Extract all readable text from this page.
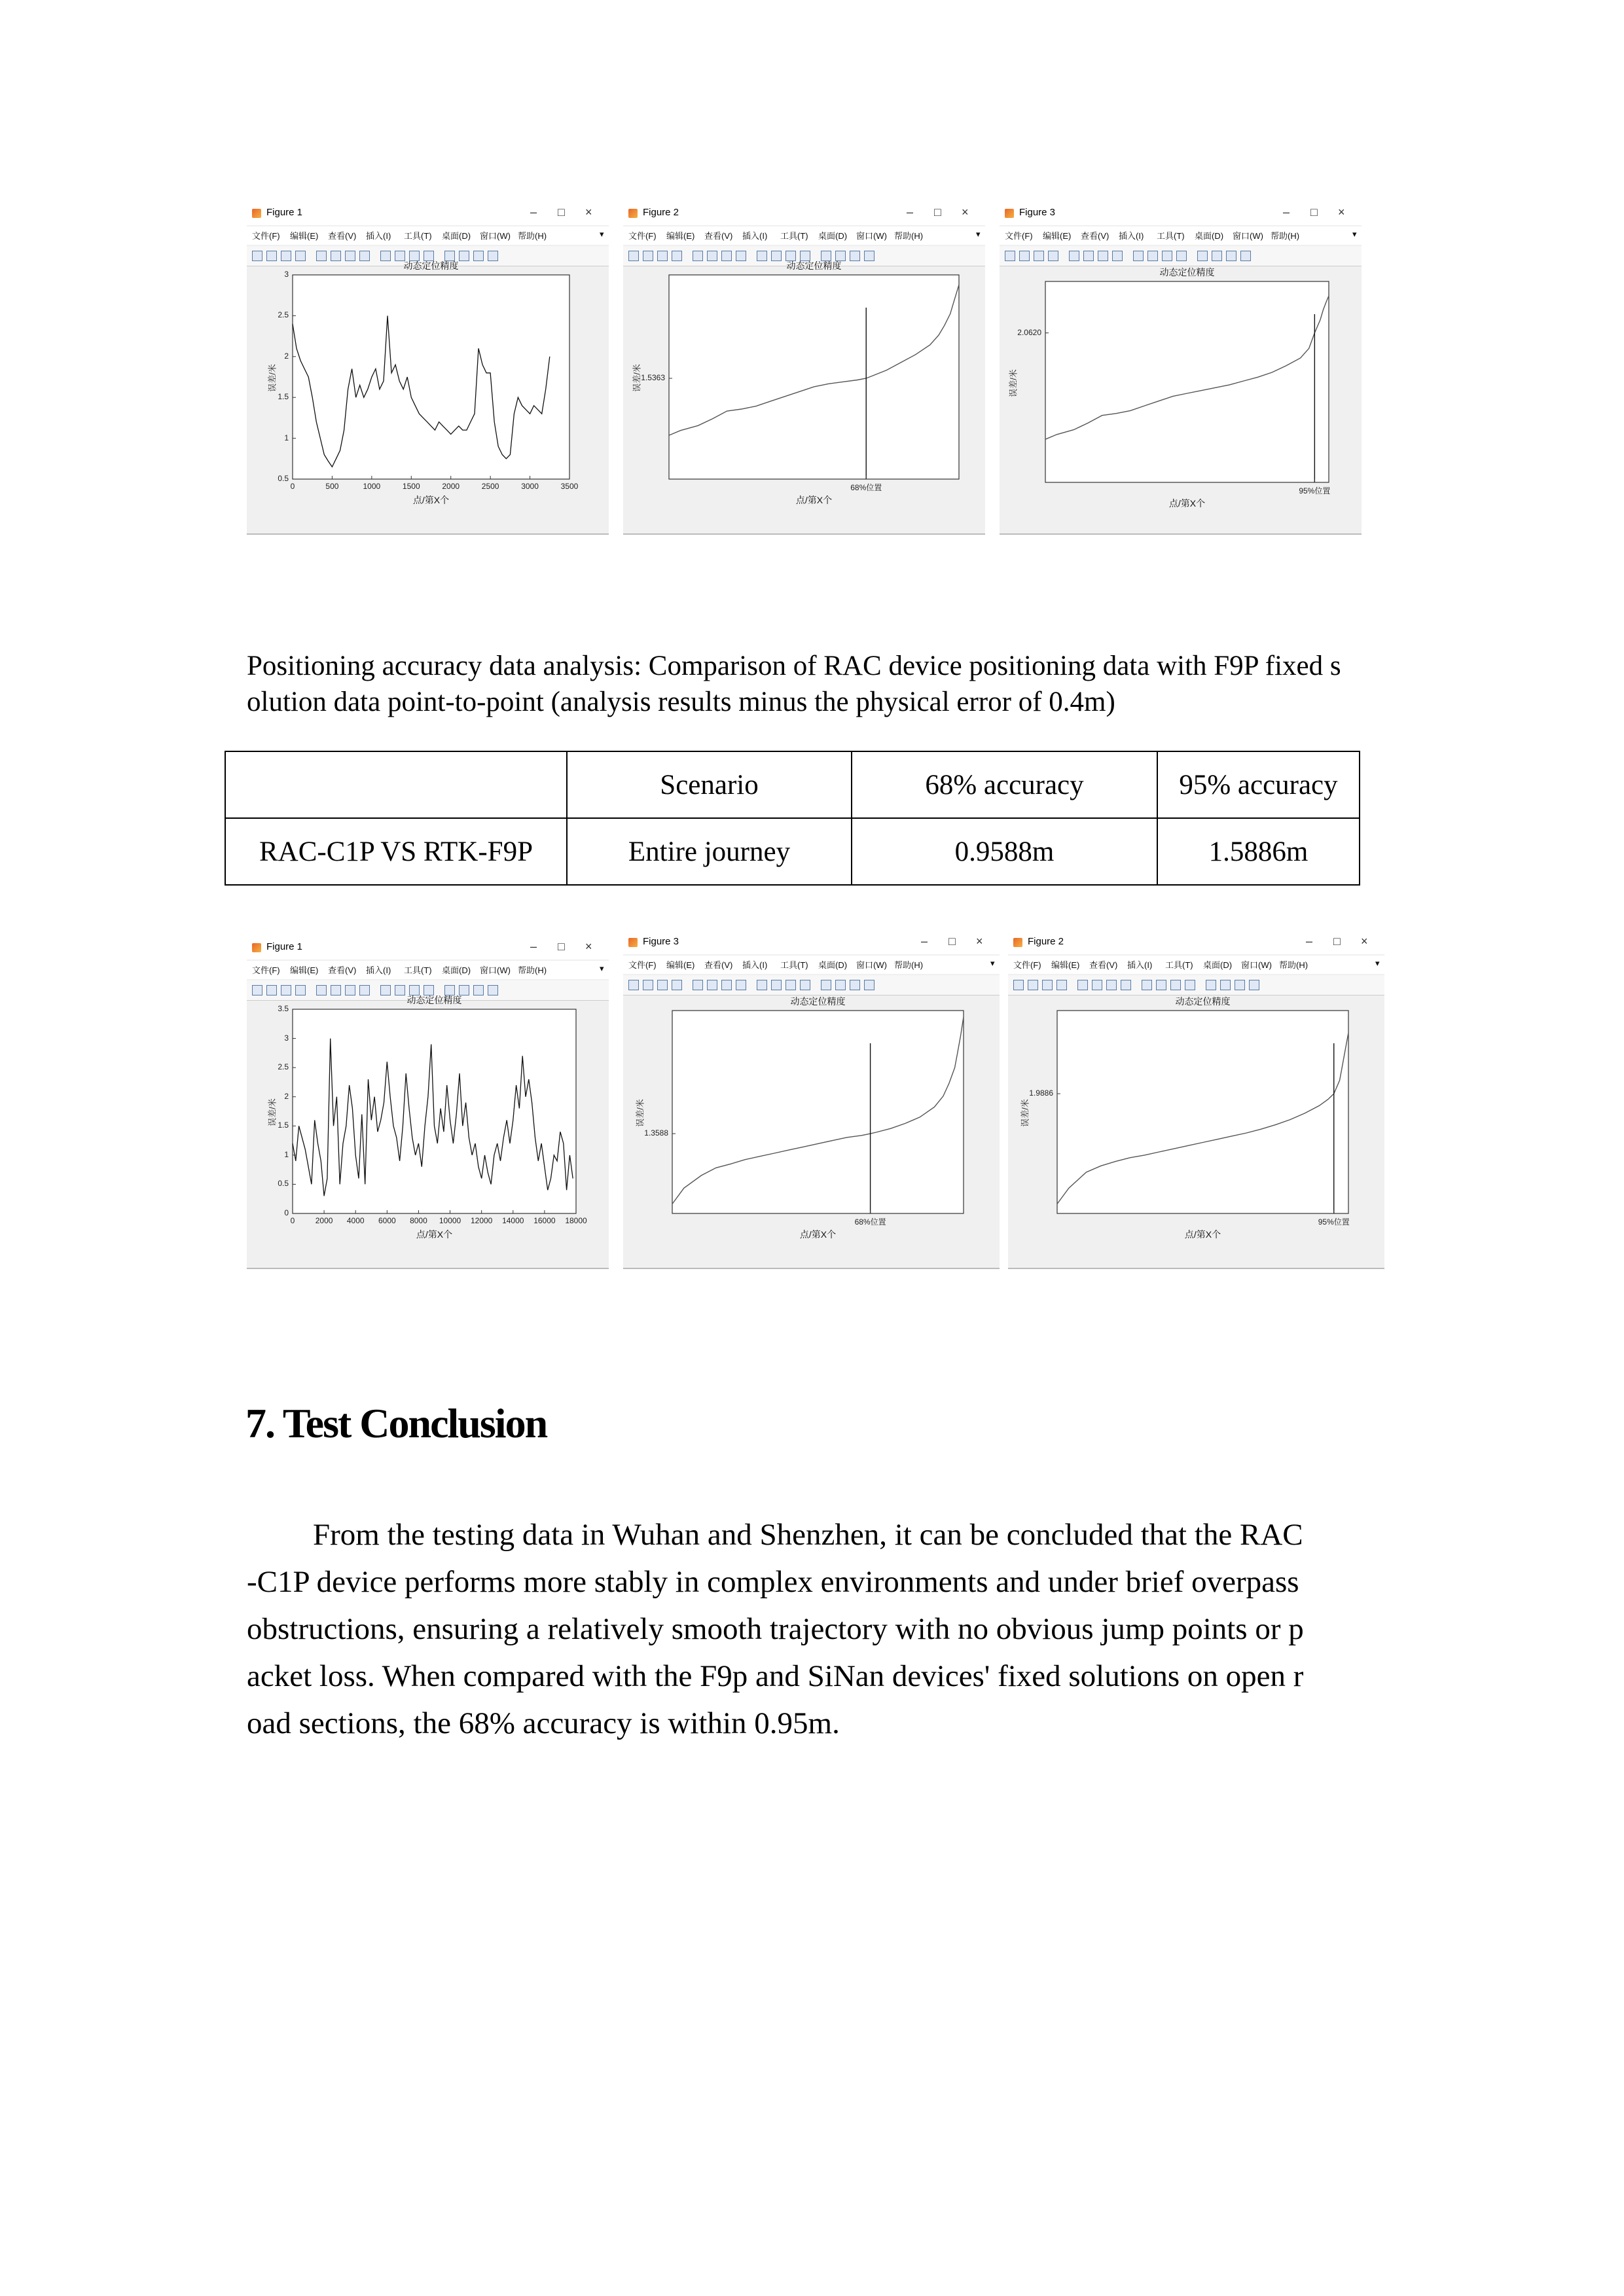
Figure 1	– □ ×
文件(F) 编辑(E) 查看(V) 插入(I) 工具(T) 桌面(D) 窗口(W) 帮助(H)	▾
0	500	1000	1500	2000	2500	3000	3500
0.5
1
1.5
2
2.5
3
动态定位精度
点/第X个
误差/米
Figure 2	– □ ×
文件(F) 编辑(E) 查看(V) 插入(I) 工具(T) 桌面(D) 窗口(W) 帮助(H)	▾
1.5363
68%位置
动态定位精度
点/第X个
误差/米
Figure 3	– □ ×
文件(F) 编辑(E) 查看(V) 插入(I) 工具(T) 桌面(D) 窗口(W) 帮助(H)	▾
2.0620
95%位置
动态定位精度
点/第X个
误差/米
Figure 1	– □ ×
文件(F) 编辑(E) 查看(V) 插入(I) 工具(T) 桌面(D) 窗口(W) 帮助(H)	▾
0	2000	4000	6000	8000	10000 12000 14000 16000 18000
0
0.5
1
1.5
2
2.5
3
3.5
动态定位精度
点/第X个
误差/米
Figure 3	– □ ×
文件(F) 编辑(E) 查看(V) 插入(I) 工具(T) 桌面(D) 窗口(W) 帮助(H)	▾
1.3588
68%位置
动态定位精度
点/第X个
误差/米
Figure 2	– □ ×
文件(F) 编辑(E) 查看(V) 插入(I) 工具(T) 桌面(D) 窗口(W) 帮助(H)	▾
1.9886
95%位置
动态定位精度
点/第X个
误差/米
Positioning accuracy data analysis: Comparison of RAC device positioning data with F9P fixed s
olution data point-to-point (analysis results minus the physical error of 0.4m)
	Scenario	68% accuracy	95% accuracy
RAC-C1P VS RTK-F9P	Entire journey	0.9588m	1.5886m
7. Test Conclusion
From the testing data in Wuhan and Shenzhen, it can be concluded that the RAC
-C1P device performs more stably in complex environments and under brief overpass
obstructions, ensuring a relatively smooth trajectory with no obvious jump points or p
acket loss. When compared with the F9p and SiNan devices' fixed solutions on open r
oad sections, the 68% accuracy is within 0.95m.
